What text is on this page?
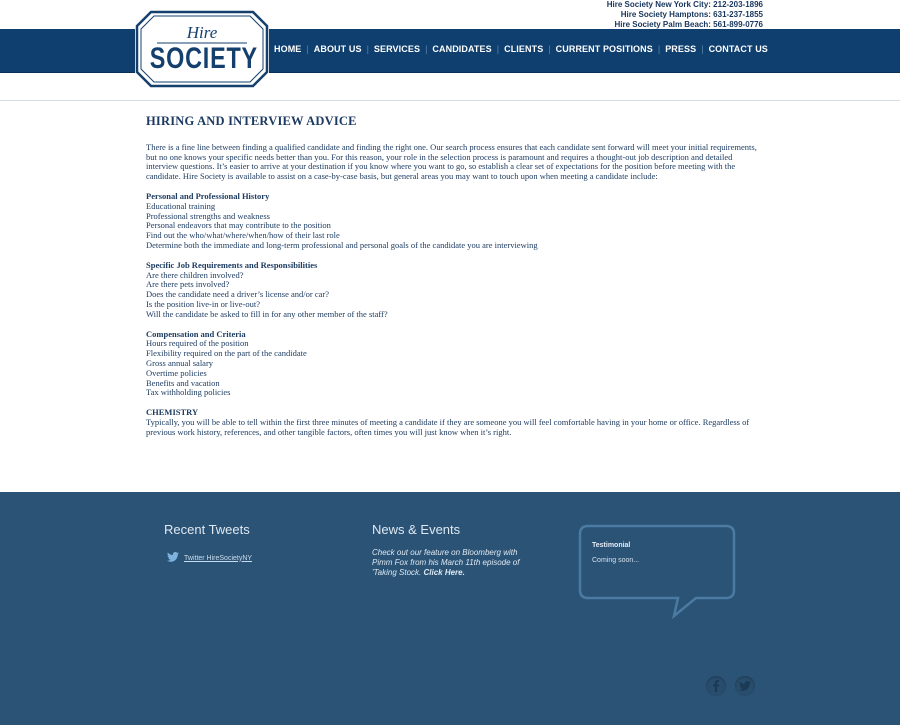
Hire Society New York City: 212-203-1896
Hire Society Hamptons: 631-237-1855
Hire Society Palm Beach: 561-899-0776
Hire
SOCIETY HOME | ABOUT US | SERVICES | CANDIDATES | CLIENTS | CURRENT POSITIONS | PRESS | CONTACT US
HIRING AND INTERVIEW ADVICE

There is a fine line between finding a qualified candidate and finding the right one. Our search process ensures that each candidate sent forward will meet your initial requirements, but no one knows your specific needs better than you. For this reason, your role in the selection process is paramount and requires a thought-out job description and detailed interview questions. It’s easier to arrive at your destination if you know where you want to go, so establish a clear set of expectations for the position before meeting with the candidate. Hire Society is available to assist on a case-by-case basis, but general areas you may want to touch upon when meeting a candidate include:

Personal and Professional History
Educational training
Professional strengths and weakness
Personal endeavors that may contribute to the position
Find out the who/what/where/when/how of their last role
Determine both the immediate and long-term professional and personal goals of the candidate you are interviewing
Specific Job Requirements and Responsibilities
Are there children involved?
Are there pets involved?
Does the candidate need a driver’s license and/or car?
Is the position live-in or live-out?
Will the candidate be asked to fill in for any other member of the staff?
Compensation and Criteria
Hours required of the position
Flexibility required on the part of the candidate
Gross annual salary
Overtime policies
Benefits and vacation
Tax withholding policies
CHEMISTRY

Typically, you will be able to tell within the first three minutes of meeting a candidate if they are someone you will feel comfortable having in your home or office. Regardless of previous work history, references, and other tangible factors, often times you will just know when it’s right.

Recent Tweets
Twitter HireSocietyNY
News & Events
Check out our feature on Bloomberg with Pimm Fox from his March 11th episode of 'Taking Stock. Click Here.
Testimonial
Coming soon...
